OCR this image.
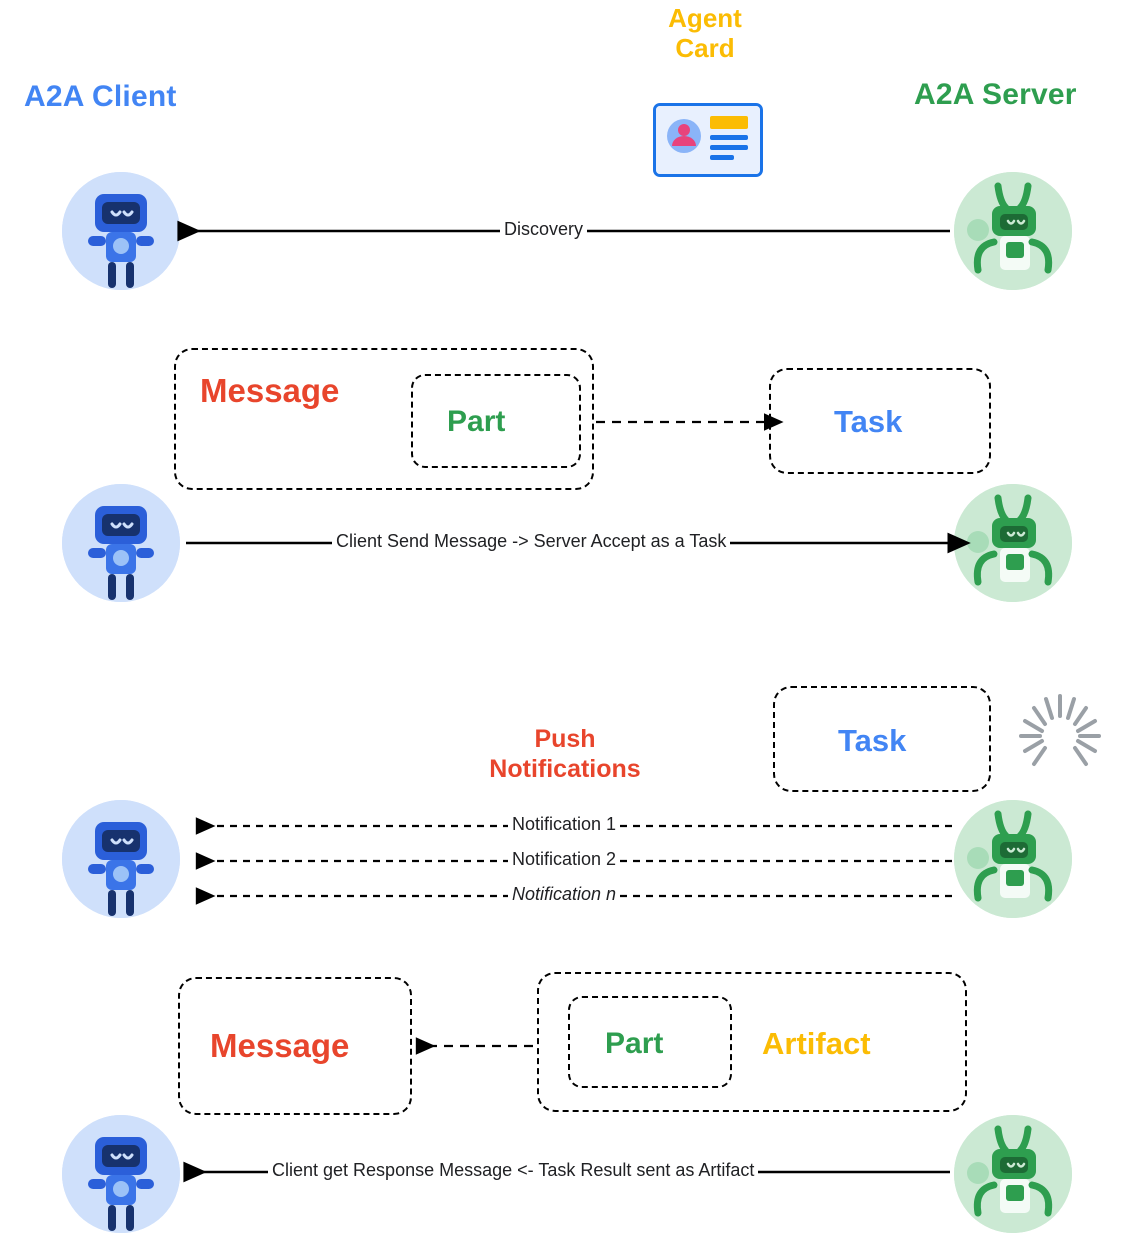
A2A Client	A2A Server
Agent
Card
Message
Part	Task
Task
Push
Notifications
Message	Part	Artifact
Discovery
Client Send Message -> Server Accept as a Task
Notification 1
Notification 2
Notification n
Client get Response Message <- Task Result sent as Artifact
